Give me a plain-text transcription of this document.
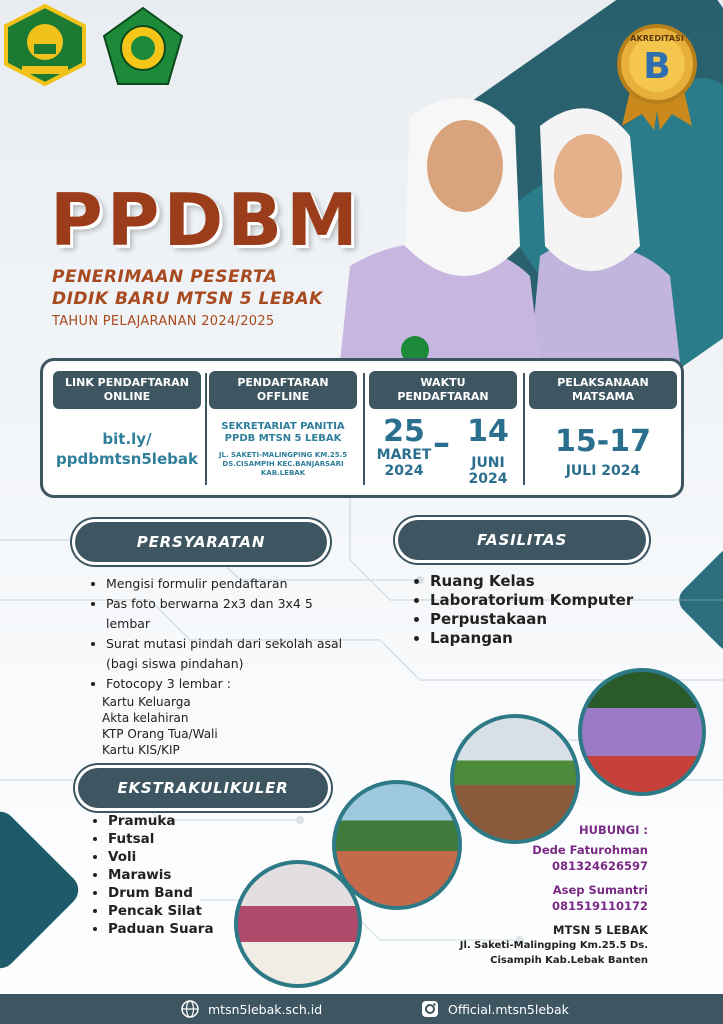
AKREDITASI
B
PPDBM
PENERIMAAN PESERTA
DIDIK BARU MTSN 5 LEBAK
TAHUN PELAJARANAN 2024/2025
LINK PENDAFTARAN
ONLINE
bit.ly/
ppdbmtsn5lebak
PENDAFTARAN
OFFLINE
SEKRETARIAT PANITIA
PPDB MTSN 5 LEBAK
JL. SAKETI-MALINGPING KM.25.5
DS.CISAMPIH KEC.BANJARSARI
KAB.LEBAK
WAKTU
PENDAFTARAN
25
MARET
2024
– 14
JUNI
2024
PELAKSANAAN
MATSAMA
15-17
JULI 2024
PERSYARATAN
• Mengisi formulir pendaftaran
• Pas foto berwarna 2x3 dan 3x4 5 lembar
• Surat mutasi pindah dari sekolah asal (bagi siswa pindahan)
• Fotocopy 3 lembar :
Kartu Keluarga
Akta kelahiran
KTP Orang Tua/Wali
Kartu KIS/KIP
FASILITAS
• Ruang Kelas
• Laboratorium Komputer
• Perpustakaan
• Lapangan
EKSTRAKULIKULER
• Pramuka
• Futsal
• Voli
• Marawis
• Drum Band
• Pencak Silat
• Paduan Suara
HUBUNGI :
Dede Faturohman
081324626597
Asep Sumantri
081519110172
MTSN 5 LEBAK
Jl. Saketi-Malingping Km.25.5 Ds.
Cisampih Kab.Lebak Banten
mtsn5lebak.sch.id	Official.mtsn5lebak
